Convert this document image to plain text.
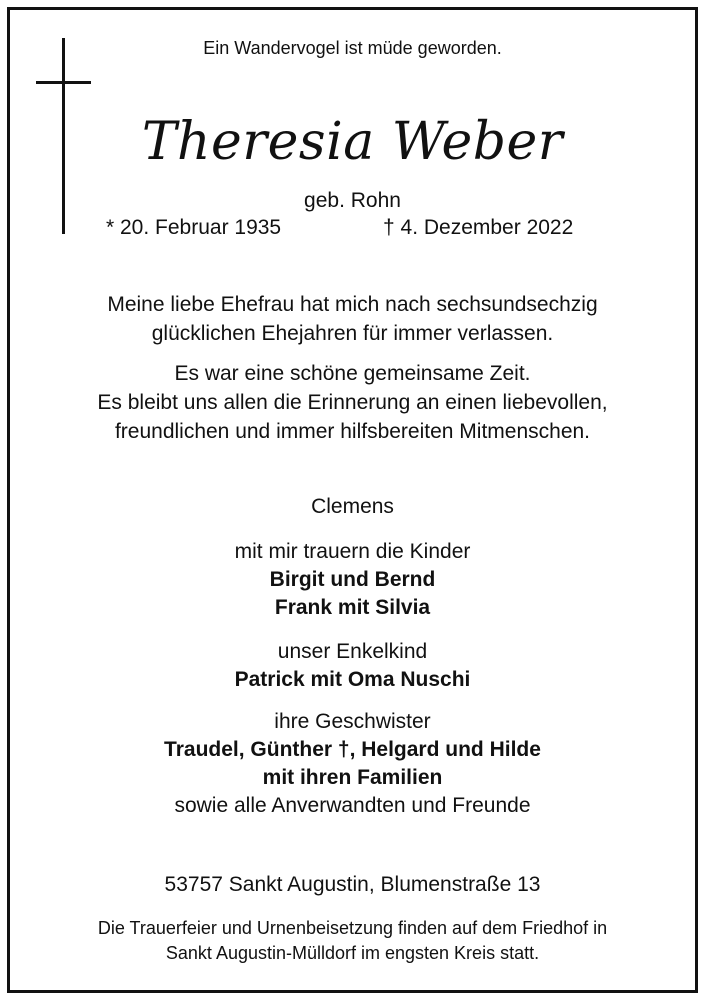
Ein Wandervogel ist müde geworden.
Theresia Weber
geb. Rohn
* 20. Februar 1935	† 4. Dezember 2022
Meine liebe Ehefrau hat mich nach sechsundsechzig
glücklichen Ehejahren für immer verlassen.
Es war eine schöne gemeinsame Zeit.
Es bleibt uns allen die Erinnerung an einen liebevollen,
freundlichen und immer hilfsbereiten Mitmenschen.
Clemens
mit mir trauern die Kinder
Birgit und Bernd
Frank mit Silvia
unser Enkelkind
Patrick mit Oma Nuschi
ihre Geschwister
Traudel, Günther †, Helgard und Hilde
mit ihren Familien
sowie alle Anverwandten und Freunde
53757 Sankt Augustin, Blumenstraße 13
Die Trauerfeier und Urnenbeisetzung finden auf dem Friedhof in
Sankt Augustin-Mülldorf im engsten Kreis statt.
